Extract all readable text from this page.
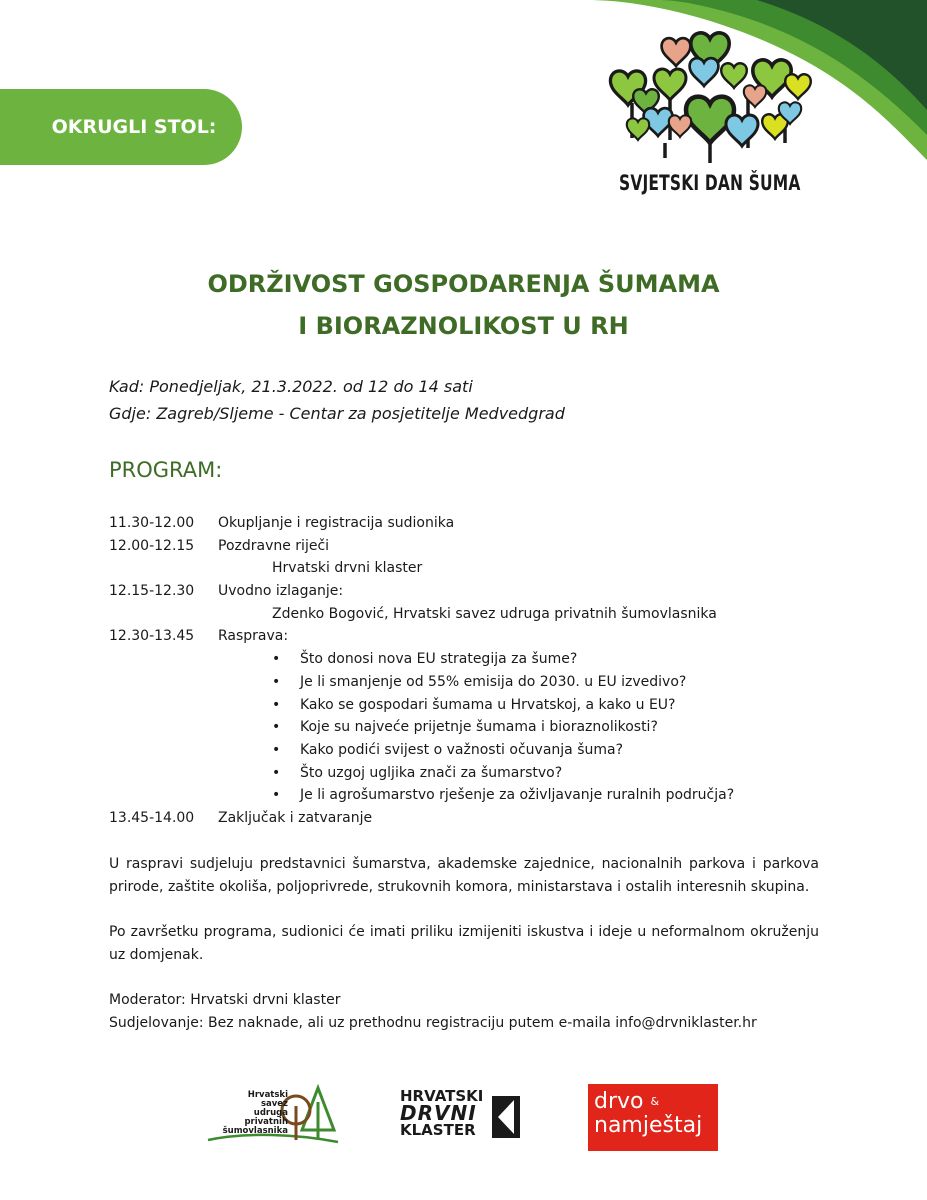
OKRUGLI STOL:
SVJETSKI DAN ŠUMA
ODRŽIVOST GOSPODARENJA ŠUMAMA
I BIORAZNOLIKOST U RH
Kad: Ponedjeljak, 21.3.2022. od 12 do 14 sati
Gdje: Zagreb/Sljeme - Centar za posjetitelje Medvedgrad
PROGRAM:
11.30-12.00 Okupljanje i registracija sudionika
12.00-12.15 Pozdravne riječi
Hrvatski drvni klaster
12.15-12.30 Uvodno izlaganje:
Zdenko Bogović, Hrvatski savez udruga privatnih šumovlasnika
12.30-13.45 Rasprava:
• Što donosi nova EU strategija za šume?
• Je li smanjenje od 55% emisija do 2030. u EU izvedivo?
• Kako se gospodari šumama u Hrvatskoj, a kako u EU?
• Koje su najveće prijetnje šumama i bioraznolikosti?
• Kako podići svijest o važnosti očuvanja šuma?
• Što uzgoj ugljika znači za šumarstvo?
• Je li agrošumarstvo rješenje za oživljavanje ruralnih područja?
13.45-14.00 Zaključak i zatvaranje
U raspravi sudjeluju predstavnici šumarstva, akademske zajednice, nacionalnih parkova i parkova prirode, zaštite okoliša, poljoprivrede, strukovnih komora, ministarstava i ostalih interesnih skupina.
Po završetku programa, sudionici će imati priliku izmijeniti iskustva i ideje u neformalnom okruženju uz domjenak.
Moderator: Hrvatski drvni klaster
Sudjelovanje: Bez naknade, ali uz prethodnu registraciju putem e-maila info@drvniklaster.hr
Hrvatski
savez
udruga
privatnih
šumovlasnika
HRVATSKI
DRVNI
KLASTER
drvo &
namještaj
